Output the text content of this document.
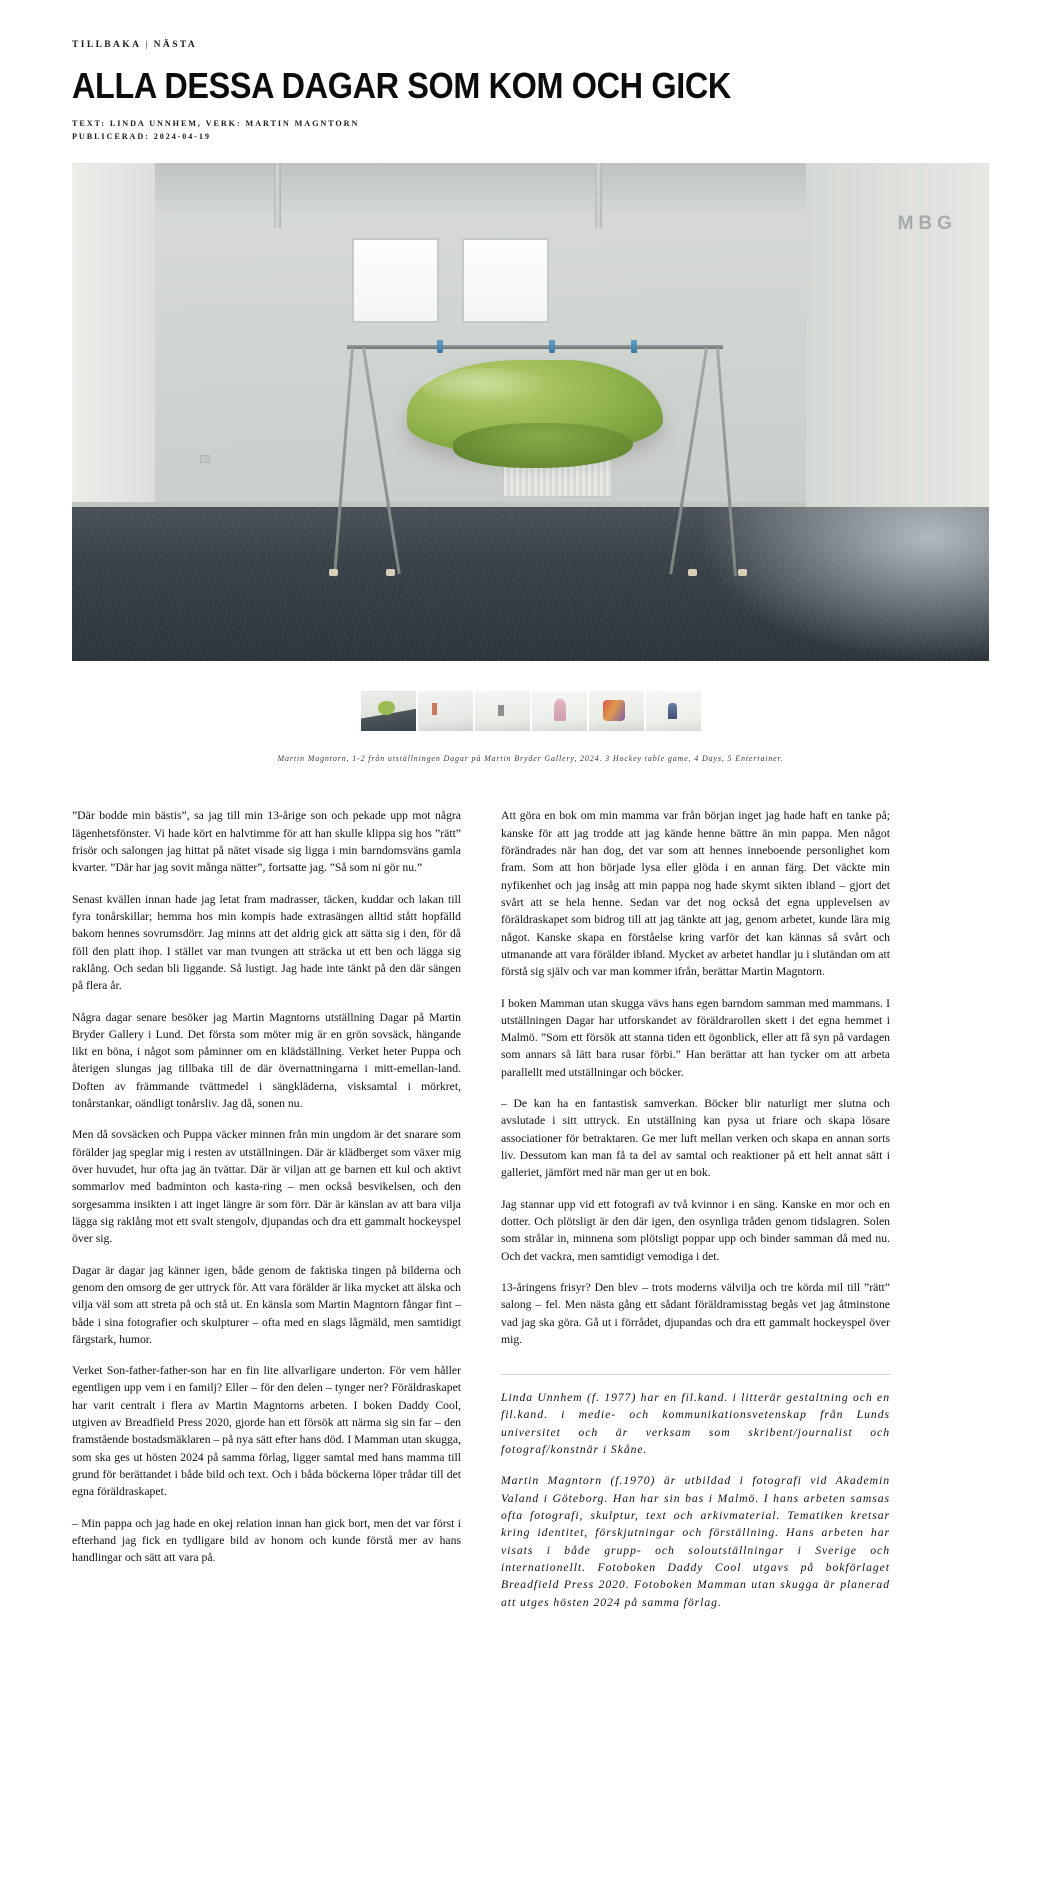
TILLBAKA | NÄSTA
ALLA DESSA DAGAR SOM KOM OCH GICK
TEXT: LINDA UNNHEM, VERK: MARTIN MAGNTORN
PUBLICERAD: 2024-04-19
MBG
Martin Magntorn, 1-2 från utställningen Dagar på Martin Bryder Gallery, 2024. 3 Hockey table game, 4 Days, 5 Entertainer.

”Där bodde min bästis”, sa jag till min 13-årige son och pekade upp mot några lägenhetsfönster. Vi hade kört en halvtimme för att han skulle klippa sig hos ”rätt” frisör och salongen jag hittat på nätet visade sig ligga i min barndomsväns gamla kvarter. ”Där har jag sovit många nätter”, fortsatte jag. ”Så som ni gör nu.”

Senast kvällen innan hade jag letat fram madrasser, täcken, kuddar och lakan till fyra tonårskillar; hemma hos min kompis hade extrasängen alltid stått hopfälld bakom hennes sovrumsdörr. Jag minns att det aldrig gick att sätta sig i den, för då föll den platt ihop. I stället var man tvungen att sträcka ut ett ben och lägga sig raklång. Och sedan bli liggande. Så lustigt. Jag hade inte tänkt på den där sängen på flera år.

Några dagar senare besöker jag Martin Magntorns utställning Dagar på Martin Bryder Gallery i Lund. Det första som möter mig är en grön sovsäck, hängande likt en böna, i något som påminner om en klädställning. Verket heter Puppa och återigen slungas jag tillbaka till de där övernattningarna i mitt-emellan-land. Doften av främmande tvättmedel i sängkläderna, visksamtal i mörkret, tonårstankar, oändligt tonårsliv. Jag då, sonen nu.

Men då sovsäcken och Puppa väcker minnen från min ungdom är det snarare som förälder jag speglar mig i resten av utställningen. Där är klädberget som växer mig över huvudet, hur ofta jag än tvättar. Där är viljan att ge barnen ett kul och aktivt sommarlov med badminton och kasta-ring – men också besvikelsen, och den sorgesamma insikten i att inget längre är som förr. Där är känslan av att bara vilja lägga sig raklång mot ett svalt stengolv, djupandas och dra ett gammalt hockeyspel över sig.

Dagar är dagar jag känner igen, både genom de faktiska tingen på bilderna och genom den omsorg de ger uttryck för. Att vara förälder är lika mycket att älska och vilja väl som att streta på och stå ut. En känsla som Martin Magntorn fångar fint – både i sina fotografier och skulpturer – ofta med en slags lågmäld, men samtidigt färgstark, humor.

Verket Son-father-father-son har en fin lite allvarligare underton. För vem håller egentligen upp vem i en familj? Eller – för den delen – tynger ner? Föräldraskapet har varit centralt i flera av Martin Magntorns arbeten. I boken Daddy Cool, utgiven av Breadfield Press 2020, gjorde han ett försök att närma sig sin far – den framstående bostadsmäklaren – på nya sätt efter hans död. I Mamman utan skugga, som ska ges ut hösten 2024 på samma förlag, ligger samtal med hans mamma till grund för berättandet i både bild och text. Och i båda böckerna löper trådar till det egna föräldraskapet.

– Min pappa och jag hade en okej relation innan han gick bort, men det var först i efterhand jag fick en tydligare bild av honom och kunde förstå mer av hans handlingar och sätt att vara på.

Att göra en bok om min mamma var från början inget jag hade haft en tanke på; kanske för att jag trodde att jag kände henne bättre än min pappa. Men något förändrades när han dog, det var som att hennes inneboende personlighet kom fram. Som att hon började lysa eller glöda i en annan färg. Det väckte min nyfikenhet och jag insåg att min pappa nog hade skymt sikten ibland – gjort det svårt att se hela henne. Sedan var det nog också det egna upplevelsen av föräldraskapet som bidrog till att jag tänkte att jag, genom arbetet, kunde lära mig något. Kanske skapa en förståelse kring varför det kan kännas så svårt och utmanande att vara förälder ibland. Mycket av arbetet handlar ju i slutändan om att förstå sig själv och var man kommer ifrån, berättar Martin Magntorn.

I boken Mamman utan skugga vävs hans egen barndom samman med mammans. I utställningen Dagar har utforskandet av föräldrarollen skett i det egna hemmet i Malmö. ”Som ett försök att stanna tiden ett ögonblick, eller att få syn på vardagen som annars så lätt bara rusar förbi.” Han berättar att han tycker om att arbeta parallellt med utställningar och böcker.

– De kan ha en fantastisk samverkan. Böcker blir naturligt mer slutna och avslutade i sitt uttryck. En utställning kan pysa ut friare och skapa lösare associationer för betraktaren. Ge mer luft mellan verken och skapa en annan sorts liv. Dessutom kan man få ta del av samtal och reaktioner på ett helt annat sätt i galleriet, jämfört med när man ger ut en bok.

Jag stannar upp vid ett fotografi av två kvinnor i en säng. Kanske en mor och en dotter. Och plötsligt är den där igen, den osynliga tråden genom tidslagren. Solen som strålar in, minnena som plötsligt poppar upp och binder samman då med nu. Och det vackra, men samtidigt vemodiga i det.

13-åringens frisyr? Den blev – trots moderns välvilja och tre körda mil till ”rätt” salong – fel. Men nästa gång ett sådant föräldramisstag begås vet jag åtminstone vad jag ska göra. Gå ut i förrådet, djupandas och dra ett gammalt hockeyspel över mig.

Linda Unnhem (f. 1977) har en fil.kand. i litterär gestaltning och en fil.kand. i medie- och kommunikationsvetenskap från Lunds universitet och är verksam som skribent/journalist och fotograf/konstnär i Skåne.

Martin Magntorn (f.1970) är utbildad i fotografi vid Akademin Valand i Göteborg. Han har sin bas i Malmö. I hans arbeten samsas ofta fotografi, skulptur, text och arkivmaterial. Tematiken kretsar kring identitet, förskjutningar och förställning. Hans arbeten har visats i både grupp- och soloutställningar i Sverige och internationellt. Fotoboken Daddy Cool utgavs på bokförlaget Breadfield Press 2020. Fotoboken Mamman utan skugga är planerad att utges hösten 2024 på samma förlag.
